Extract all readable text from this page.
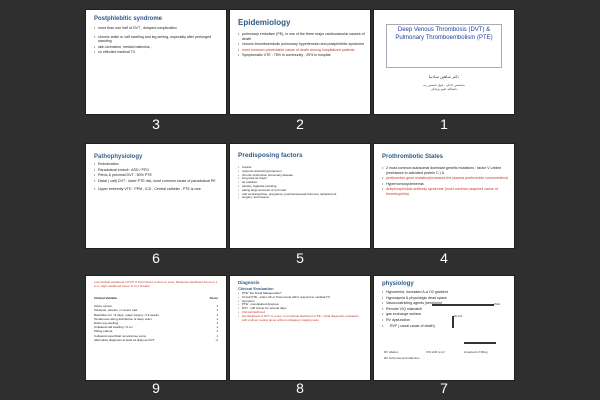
Postphlebitic syndrome
• more than one half of DVT , delayed complication
• chronic ankle or calf swelling and leg aching, especially after prolonged standing
• skin ulceration, medial malleolus ,
• no effective medical TX
3
Epidemiology
• pulmonary embolism (PE), is one of the three major cardiovascular causes of death
• chronic thromboembolic pulmonary hypertension and postphlebitic syndrome
• most common preventable cause of death among hospitalized patients
• Symptomatic VTE : 75% in community , 25% in hospital
2
Deep Venous Thrombosis (DVT) & Pulmonary Thromboembolism (PTE)
دکتر شاهین شادنیا
متخصص داخلی - فوق تخصص ریه
دانشگاه علوم پزشکی
1
Pathophysiology
• Embolization
• Paradoxical emboli : ASD / PFO
• Pelvic & proximal DVT : 50% PTE
• Distal ( calf) DVT : lower PTE risk, most common cause of paradoxical PE
• Upper extremity VTE : PPM , ICD , Central catheter , PTE is rare
6
Predisposing factors
• Cancer
• systemic arterial hypertension
• chronic obstructive pulmonary disease
• long-haul air travel
• air pollution
• obesity, cigarette smoking
• eating large amounts of red meat
• oral contraceptives, pregnancy, postmenopausal hormone replacement
• surgery, and trauma
5
Prothrombotic States
• 2 most common autosomal dominant genetic mutations : factor V Leiden (resistance to activated protein C ) &
• prothrombin gene mutation(increases the plasma prothrombin concentration)
• Hyperhomocysteinemia
• Antiphospholipid antibody syndrome (most common acquired cause of thrombophilia)
4
Low Clinical Likelihood of DVT If Point Score Is Zero or Less; Moderate Likelihood Score Is 1 to 2; High Likelihood Score Is 3 or Greater
Clinical Variable	Score

Active cancer	1
Paralysis, paresis, or recent cast	1
Bedridden for >3 days; major surgery <12 weeks	1
Tenderness along distribution of deep veins	1
Entire leg swelling	1
Unilateral calf swelling >3 cm	1
Pitting edema	1
Collateral superficial nonvaricose veins	1
Alternative diagnosis at least as likely as DVT	-2
9
Diagnosis
Clinical Evaluation
• PTE "the Great Masquerader"
• Occult PTE , when HF or Pneumonia didn't respond to medical TX
• Symptom
• PTE : unexplained dyspnea
• DVT : calf cramp for several days
• Clinical likelihood
• low likelihood of DVT or a low- to-moderate likelihood of PE : initial diagnostic evaluation with d-dimer testing alone without obligatory imaging tests
8
physiology
• Hypoxemia, increased A-a O2 gradient
• Hypocapnia & physiologic dead space
• Vasoconstricting agents (serotonin)
• Remote V/Q mismatch
• gas exchange surface
• RV dysfunction
• RVF ( usual cause of death)
PAH
DLCO
RV dilation	IVS shift to LV	impaired LV filling
RV ischemia and infarction
7
